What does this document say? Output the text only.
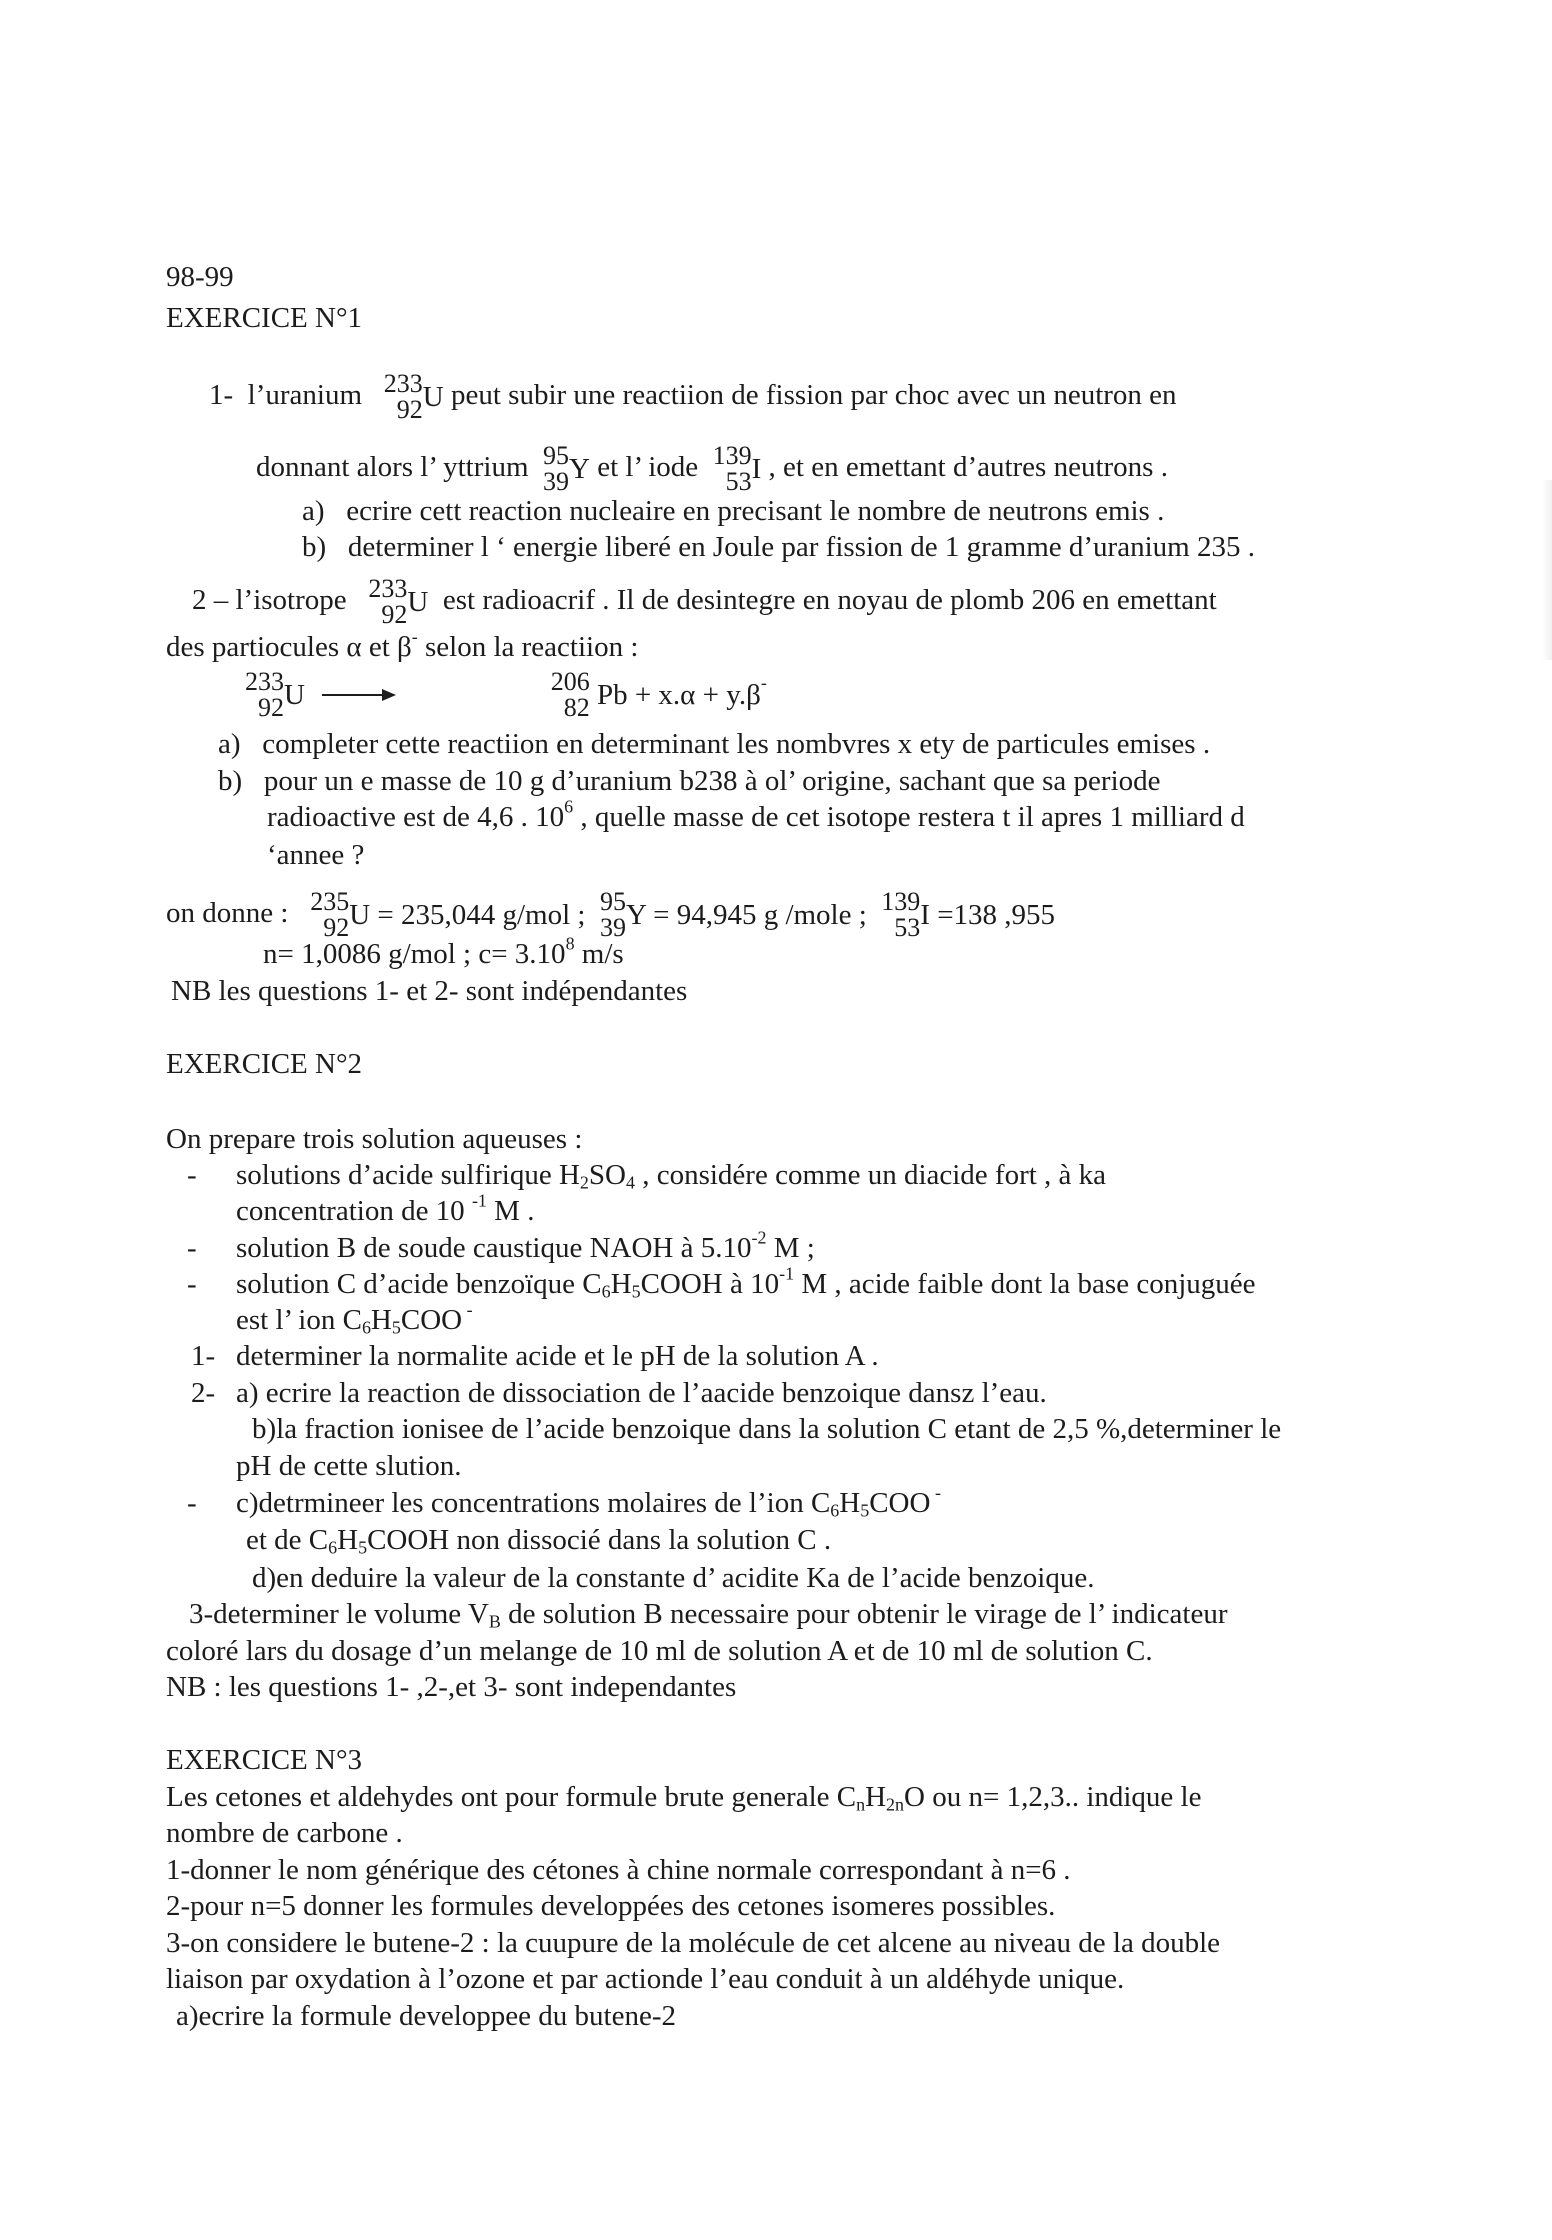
98-99
EXERCICE N°1
1- l’uranium 233
92 U peut subir une reactiion de fission par choc avec un neutron en
donnant alors l’ yttrium 95
39 Y et l’ iode 139
53 I , et en emettant d’autres neutrons .
a) ecrire cett reaction nucleaire en precisant le nombre de neutrons emis .
b) determiner l ‘ energie liberé en Joule par fission de 1 gramme d’uranium 235 .
2 – l’isotrope 233
92 U est radioacrif . Il de desintegre en noyau de plomb 206 en emettant
des partiocules α et β- selon la reactiion :
233
92 U →	206
82 Pb + x.α + y.β-
a) completer cette reactiion en determinant les nombvres x ety de particules emises .
b) pour un e masse de 10 g d’uranium b238 à ol’ origine, sachant que sa periode
radioactive est de 4,6 . $10^6$ , quelle masse de cet isotope restera t il apres 1 milliard d
‘annee ?
on donne : 235
92 U = 235,044 g/mol ; 95
39 Y = 94,945 g /mole ; 139
53 I =138 ,955
n= 1,0086 g/mol ; $c= 3.10^8$ m/s
NB les questions 1- et 2- sont indépendantes
EXERCICE N°2
On prepare trois solution aqueuses :
- solutions d’acide sulfirique $H_2SO_4$ , considére comme un diacide fort , à ka
concentration de 10 $^{-1}$ M .
- solution B de soude caustique NAOH à $5.10^{-2}$ M ;
- solution C d’acide benzoïque $C_6H_5COOH$ à $10^{-1}$ M , acide faible dont la base conjuguée
est l’ ion $C_6H_5COO$ -
1- determiner la normalite acide et le pH de la solution A .
2- a) ecrire la reaction de dissociation de l’aacide benzoique dansz l’eau.
b)la fraction ionisee de l’acide benzoique dans la solution C etant de 2,5 %,determiner le
pH de cette slution.
- c)detrmineer les concentrations molaires de l’ion $C_6H_5COO$ -
et de $C_6H_5COOH$ non dissocié dans la solution C .
d)en deduire la valeur de la constante d’ acidite Ka de l’acide benzoique.
3-determiner le volume $V_B$ de solution B necessaire pour obtenir le virage de l’ indicateur
coloré lars du dosage d’un melange de 10 ml de solution A et de 10 ml de solution C.
NB : les questions 1- ,2-,et 3- sont independantes
EXERCICE N°3
Les cetones et aldehydes ont pour formule brute generale $C_nH_{2n}O$ ou n= 1,2,3.. indique le
nombre de carbone .
1-donner le nom générique des cétones à chine normale correspondant à n=6 .
2-pour n=5 donner les formules developpées des cetones isomeres possibles.
3-on considere le butene-2 : la cuupure de la molécule de cet alcene au niveau de la double
liaison par oxydation à l’ozone et par actionde l’eau conduit à un aldéhyde unique.
a)ecrire la formule developpee du butene-2
